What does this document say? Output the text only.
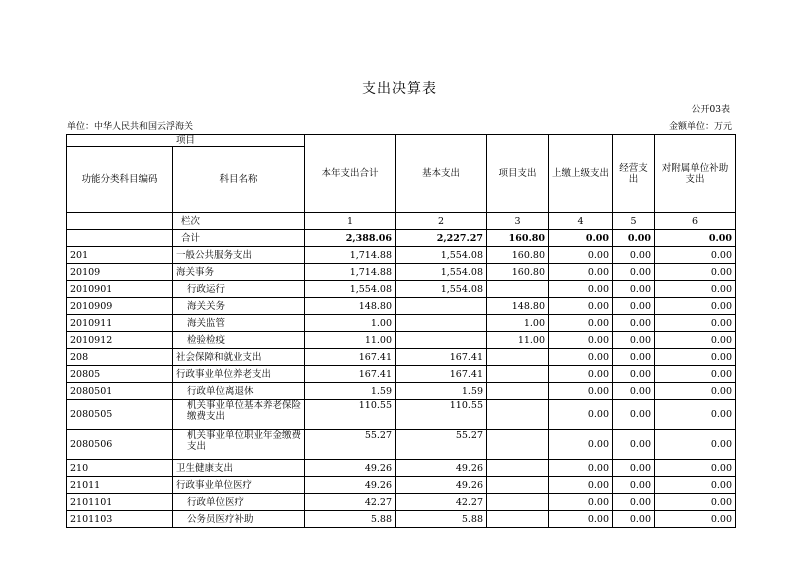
支出决算表
公开03表
单位：中华人民共和国云浮海关	金额单位：万元
项目		本年支出合计	基本支出	项目支出	上缴上级支出	经营支出	对附属单位补助支出
功能分类科目编码	科目名称						
	栏次	1	2	3	4	5	6
	合计	2,388.06	2,227.27	160.80	0.00	0.00	0.00
201	一般公共服务支出	1,714.88	1,554.08	160.80	0.00	0.00	0.00
20109	海关事务	1,714.88	1,554.08	160.80	0.00	0.00	0.00
2010901	行政运行	1,554.08	1,554.08		0.00	0.00	0.00
2010909	海关关务	148.80		148.80	0.00	0.00	0.00
2010911	海关监管	1.00		1.00	0.00	0.00	0.00
2010912	检验检疫	11.00		11.00	0.00	0.00	0.00
208	社会保障和就业支出	167.41	167.41		0.00	0.00	0.00
20805	行政事业单位养老支出	167.41	167.41		0.00	0.00	0.00
2080501	行政单位离退休	1.59	1.59		0.00	0.00	0.00
2080505	机关事业单位基本养老保险缴费支出	110.55	110.55		0.00	0.00	0.00
2080506	机关事业单位职业年金缴费支出	55.27	55.27		0.00	0.00	0.00
210	卫生健康支出	49.26	49.26		0.00	0.00	0.00
21011	行政事业单位医疗	49.26	49.26		0.00	0.00	0.00
2101101	行政单位医疗	42.27	42.27		0.00	0.00	0.00
2101103	公务员医疗补助	5.88	5.88		0.00	0.00	0.00
